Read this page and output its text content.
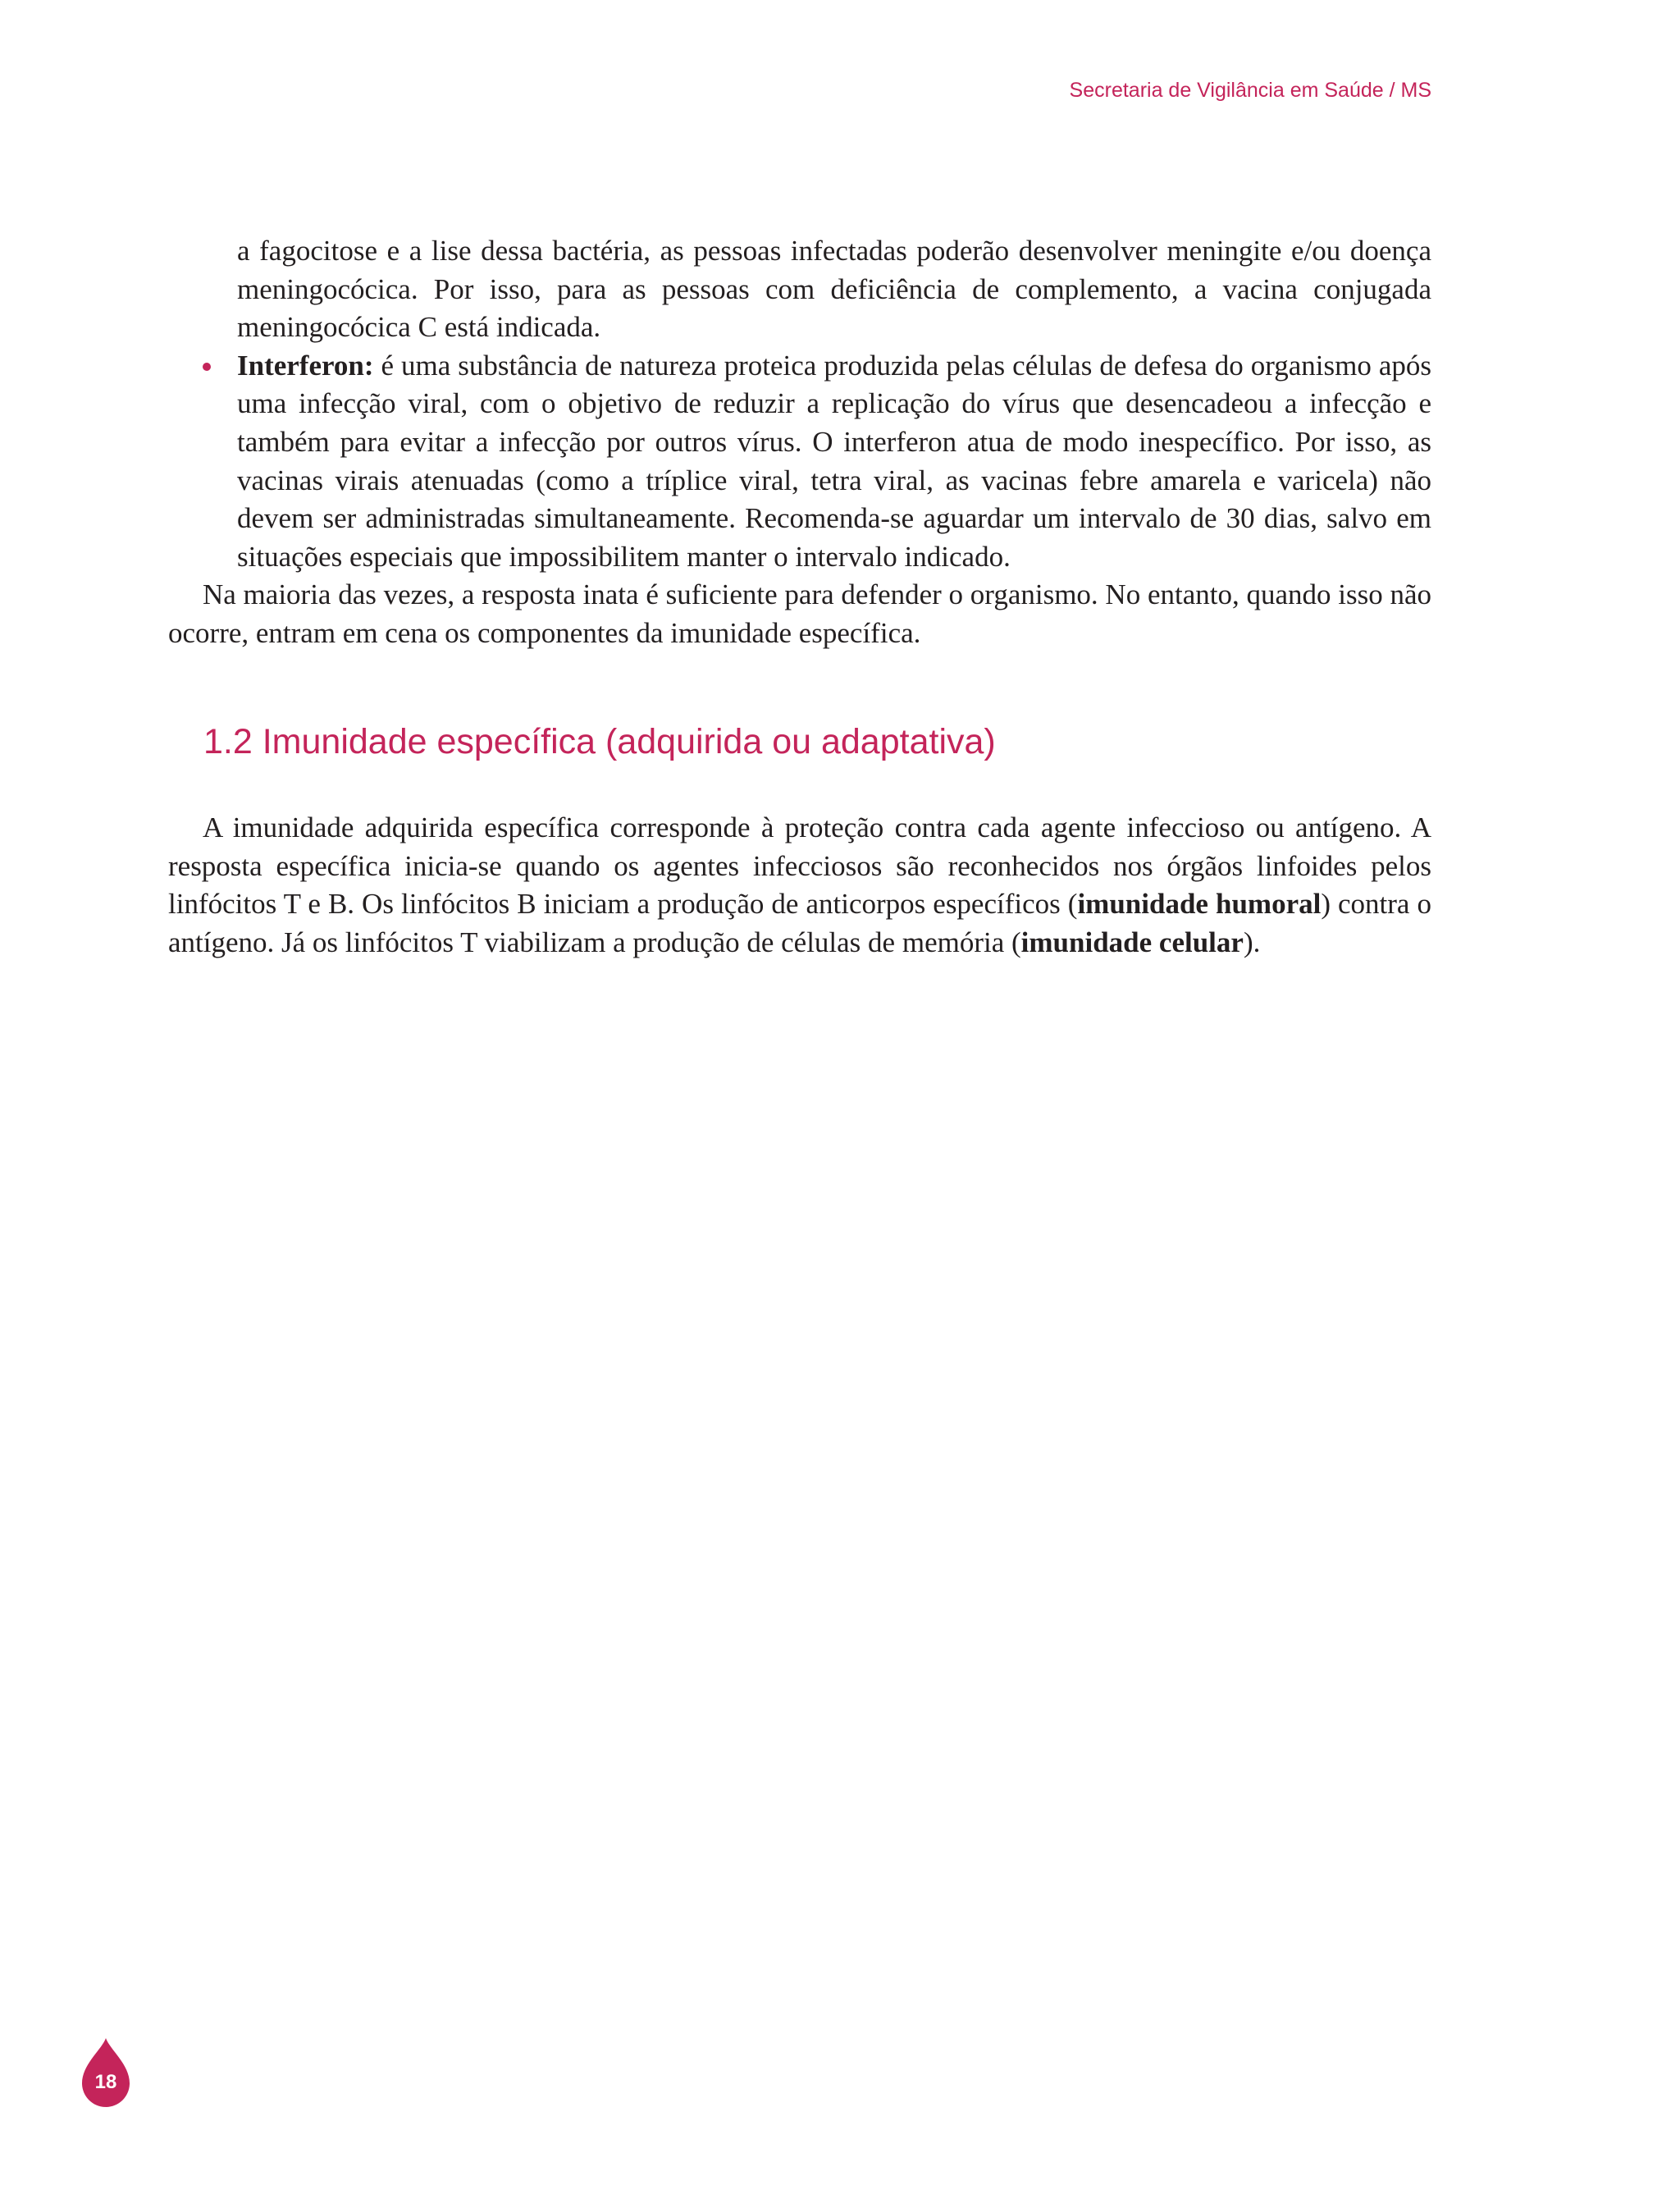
Secretaria de Vigilância em Saúde / MS

a fagocitose e a lise dessa bactéria, as pessoas infectadas poderão desenvolver meningite e/ou doença meningocócica. Por isso, para as pessoas com deficiência de complemento, a vacina conjugada meningocócica C está indicada.

Interferon: é uma substância de natureza proteica produzida pelas células de defesa do organismo após uma infecção viral, com o objetivo de reduzir a replicação do vírus que desencadeou a infecção e também para evitar a infecção por outros vírus. O interferon atua de modo inespecífico. Por isso, as vacinas virais atenuadas (como a tríplice viral, tetra viral, as vacinas febre amarela e varicela) não devem ser administradas simultaneamente. Recomenda-se aguardar um intervalo de 30 dias, salvo em situações especiais que impossibilitem manter o intervalo indicado.

Na maioria das vezes, a resposta inata é suficiente para defender o organismo. No entanto, quando isso não ocorre, entram em cena os componentes da imunidade específica.

1.2 Imunidade específica (adquirida ou adaptativa)

A imunidade adquirida específica corresponde à proteção contra cada agente infeccioso ou antígeno. A resposta específica inicia-se quando os agentes infecciosos são reconhecidos nos órgãos linfoides pelos linfócitos T e B. Os linfócitos B iniciam a produção de anticorpos específicos (imunidade humoral) contra o antígeno. Já os linfócitos T viabilizam a produção de células de memória (imunidade celular).

18
